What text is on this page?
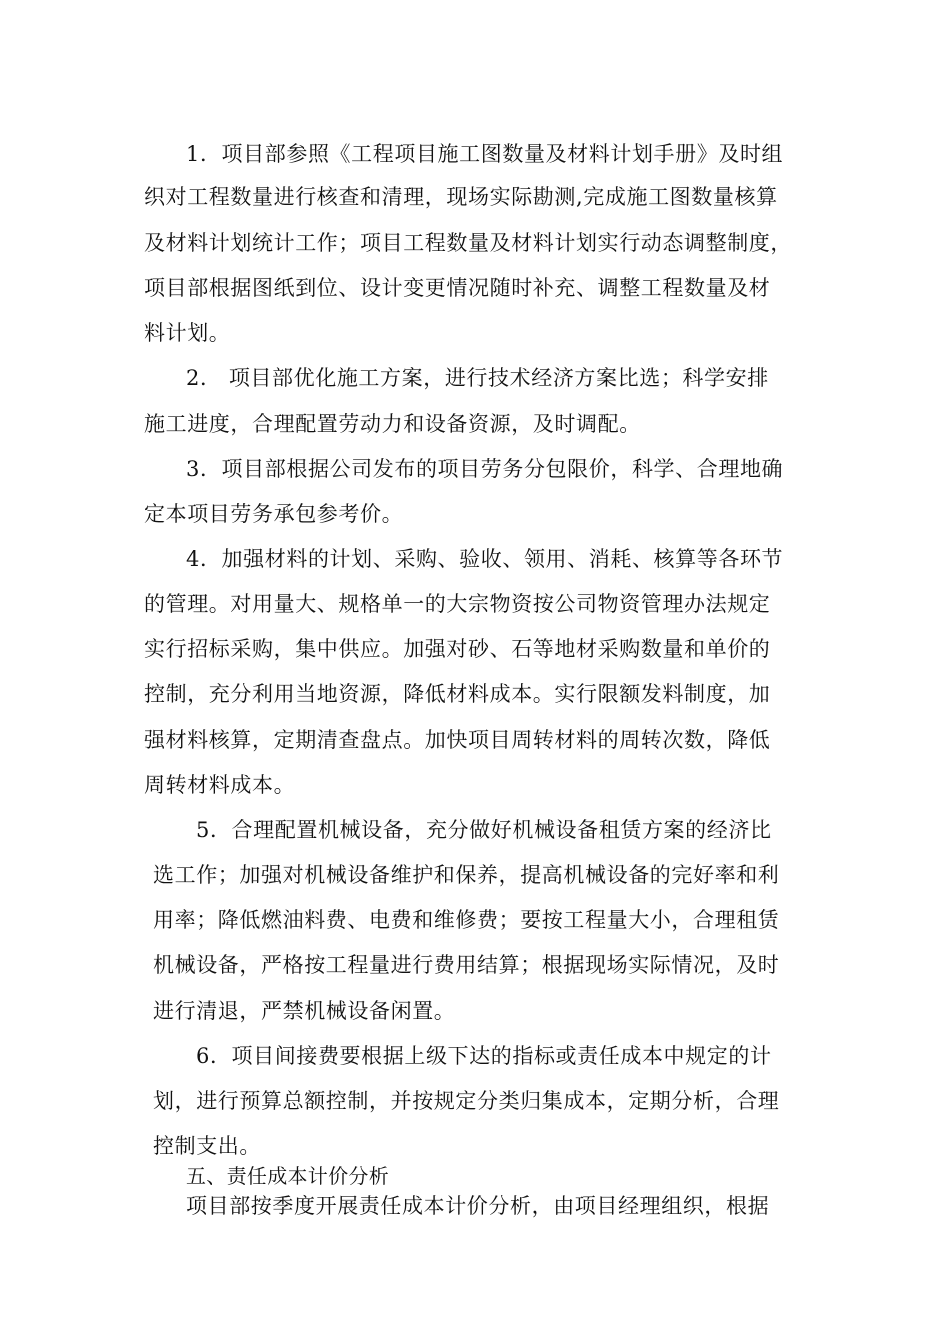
1．项目部参照《工程项目施工图数量及材料计划手册》及时组
织对工程数量进行核查和清理，现场实际勘测,完成施工图数量核算
及材料计划统计工作；项目工程数量及材料计划实行动态调整制度，
项目部根据图纸到位、设计变更情况随时补充、调整工程数量及材
料计划。
2． 项目部优化施工方案，进行技术经济方案比选；科学安排
施工进度，合理配置劳动力和设备资源，及时调配。
3．项目部根据公司发布的项目劳务分包限价，科学、合理地确
定本项目劳务承包参考价。
4．加强材料的计划、采购、验收、领用、消耗、核算等各环节
的管理。对用量大、规格单一的大宗物资按公司物资管理办法规定
实行招标采购，集中供应。加强对砂、石等地材采购数量和单价的
控制，充分利用当地资源，降低材料成本。实行限额发料制度，加
强材料核算，定期清查盘点。加快项目周转材料的周转次数，降低
周转材料成本。
5．合理配置机械设备，充分做好机械设备租赁方案的经济比
选工作；加强对机械设备维护和保养，提高机械设备的完好率和利
用率；降低燃油料费、电费和维修费；要按工程量大小，合理租赁
机械设备，严格按工程量进行费用结算；根据现场实际情况，及时
进行清退，严禁机械设备闲置。
6．项目间接费要根据上级下达的指标或责任成本中规定的计
划，进行预算总额控制，并按规定分类归集成本，定期分析，合理
控制支出。
五、责任成本计价分析
项目部按季度开展责任成本计价分析，由项目经理组织，根据
